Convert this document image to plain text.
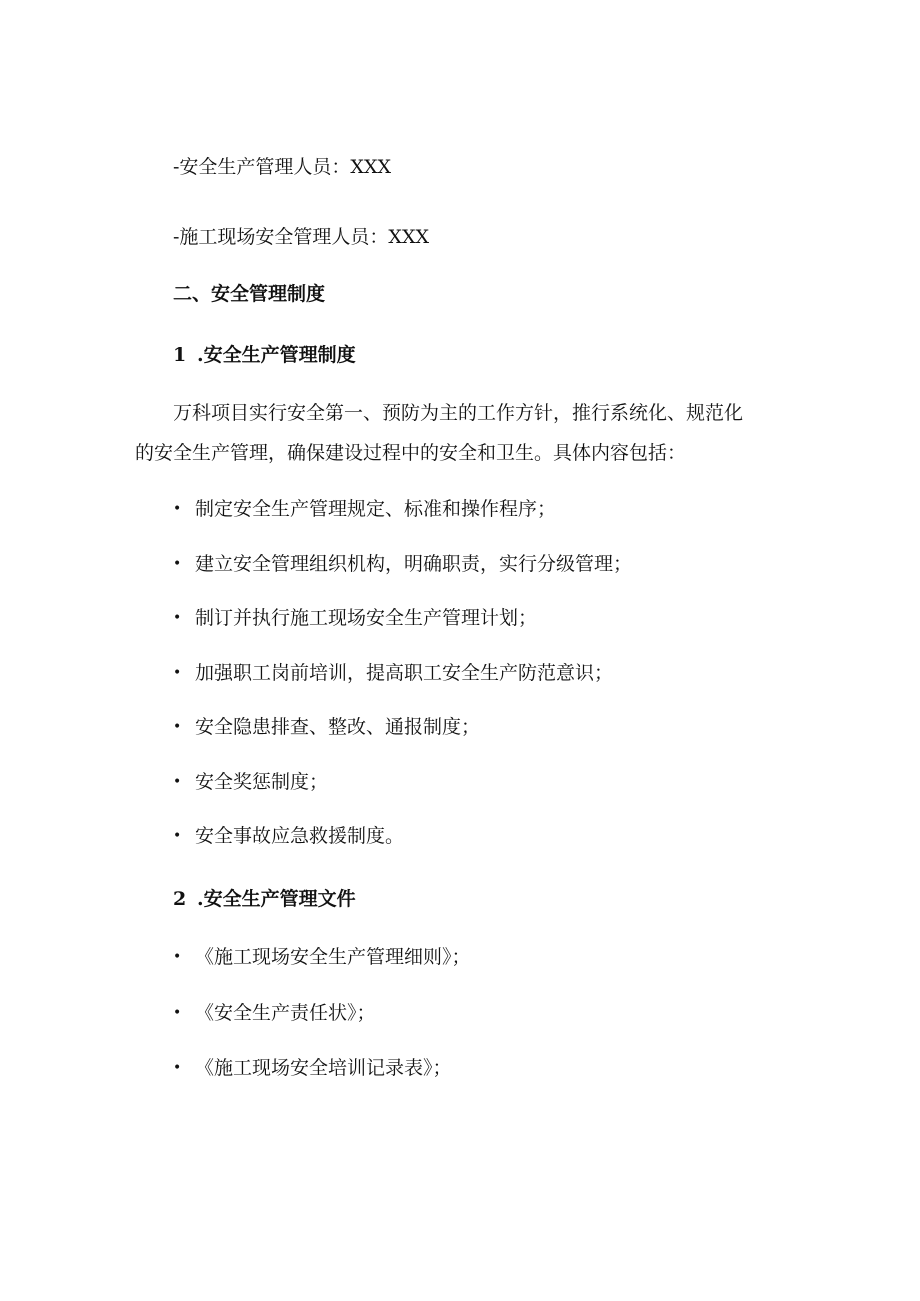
-安全生产管理人员：XXX
-施工现场安全管理人员：XXX
二、安全管理制度
1 .安全生产管理制度
万科项目实行安全第一、预防为主的工作方针，推行系统化、规范化
的安全生产管理，确保建设过程中的安全和卫生。具体内容包括：
• 制定安全生产管理规定、标准和操作程序；
• 建立安全管理组织机构，明确职责，实行分级管理；
• 制订并执行施工现场安全生产管理计划；
• 加强职工岗前培训，提高职工安全生产防范意识；
• 安全隐患排查、整改、通报制度；
• 安全奖惩制度；
• 安全事故应急救援制度。
2 .安全生产管理文件
• 《施工现场安全生产管理细则》；
• 《安全生产责任状》；
• 《施工现场安全培训记录表》；
